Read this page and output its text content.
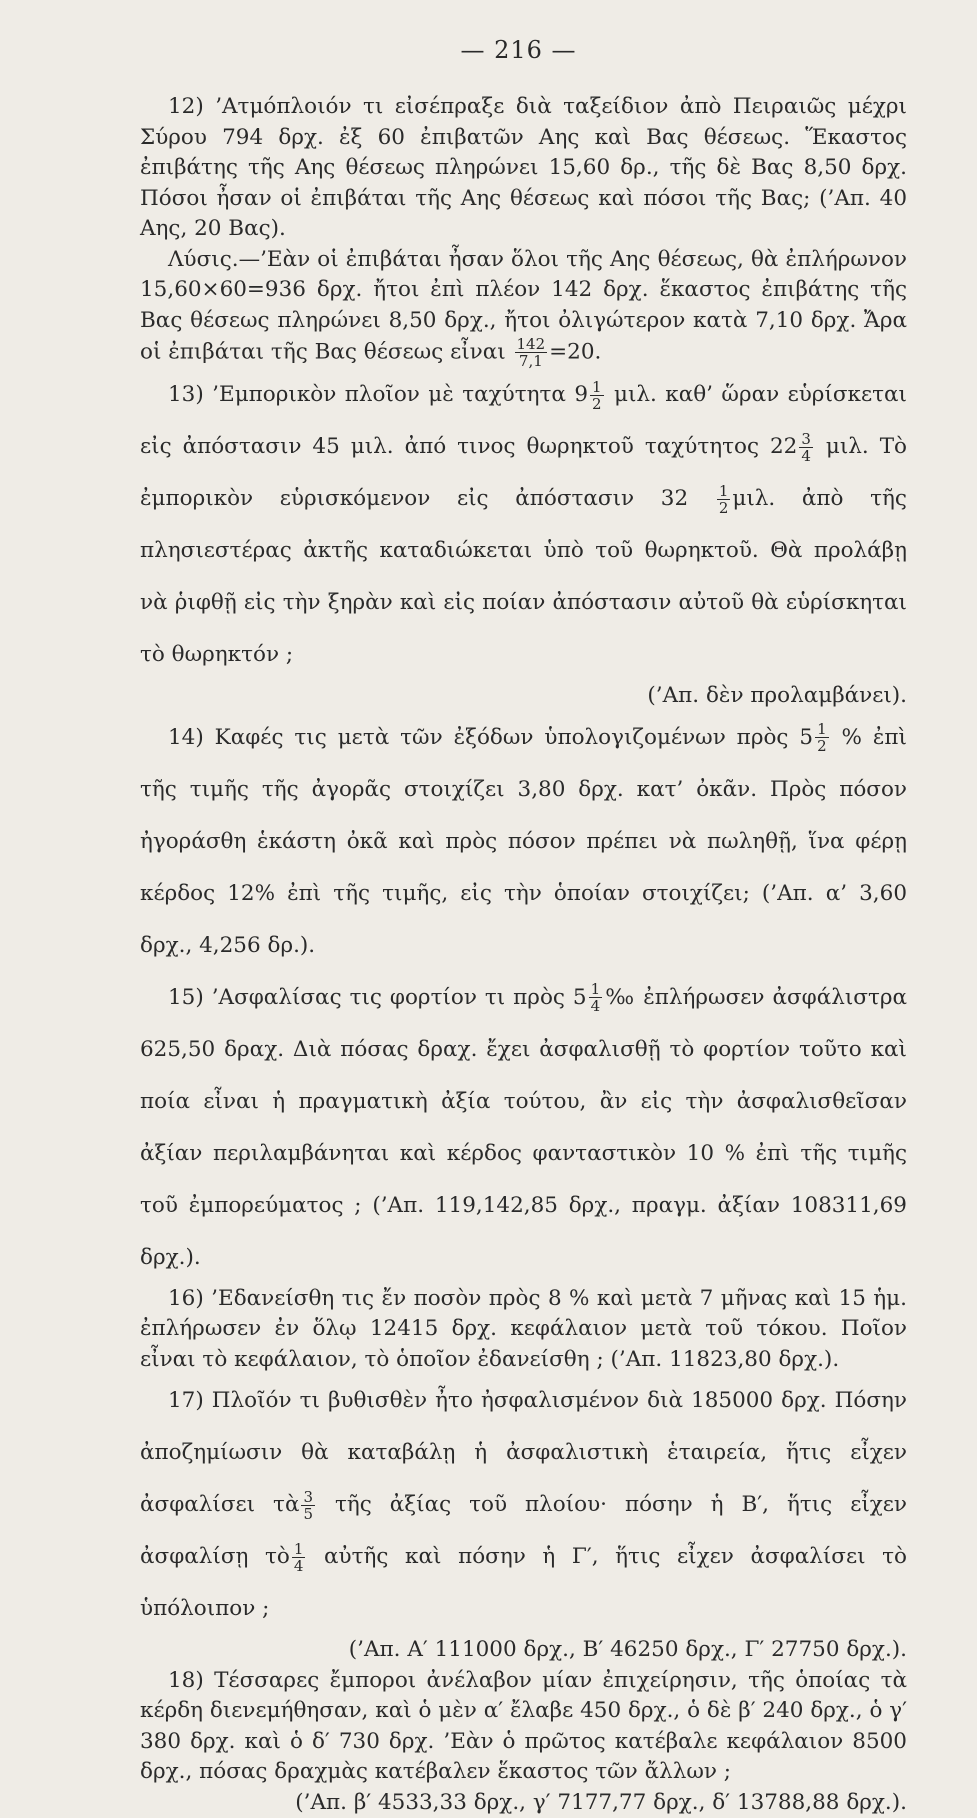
— 216 —

12) ’Ατμόπλοιόν τι εἰσέπραξε διὰ ταξείδιον ἀπὸ Πειραιῶς μέχρι Σύρου 794 δρχ. ἐξ 60 ἐπιβατῶν Αης καὶ Βας θέσεως. Ἕκαστος ἐπιβάτης τῆς Αης θέσεως πληρώνει 15,60 δρ., τῆς δὲ Βας 8,50 δρχ. Πόσοι ἦσαν οἱ ἐπιβάται τῆς Αης θέσεως καὶ πόσοι τῆς Βας; (’Απ. 40 Αης, 20 Βας).

Λύσις.—’Εὰν οἱ ἐπιβάται ἦσαν ὅλοι τῆς Αης θέσεως, θὰ ἐπλήρωνον 15,60×60=936 δρχ. ἤτοι ἐπὶ πλέον 142 δρχ. ἕκαστος ἐπιβάτης τῆς Βας θέσεως πληρώνει 8,50 δρχ., ἤτοι ὀλιγώτερον κατὰ 7,10 δρχ. Ἄρα οἱ ἐπιβάται τῆς Βας θέσεως εἶναι $\frac{142}{7,1} =20$.

13) ’Εμπορικὸν πλοῖον μὲ ταχύτητα $9 \frac{1}{2} \mu\iota\lambda$. καθ’ ὥραν εὑρίσκεται εἰς ἀπόστασιν 45 μιλ. ἀπό τινος θωρηκτοῦ ταχύτητος $22 \frac{3}{4} \mu\iota\lambda$. Τὸ ἐμπορικὸν εὑρισκόμενον εἰς ἀπόστασιν $32 \frac{1}{2} \mu\iota\lambda$. ἀπὸ τῆς πλησιεστέρας ἀκτῆς καταδιώκεται ὑπὸ τοῦ θωρηκτοῦ. Θὰ προλάβῃ νὰ ῥιφθῇ εἰς τὴν ξηρὰν καὶ εἰς ποίαν ἀπόστασιν αὐτοῦ θὰ εὑρίσκηται τὸ θωρηκτόν ;

(’Απ. δὲν προλαμβάνει).

14) Καφές τις μετὰ τῶν ἐξόδων ὑπολογιζομένων πρὸς $5 \frac{1}{2}$ % ἐπὶ τῆς τιμῆς τῆς ἀγορᾶς στοιχίζει 3,80 δρχ. κατ’ ὀκᾶν. Πρὸς πόσον ἠγοράσθη ἑκάστη ὀκᾶ καὶ πρὸς πόσον πρέπει νὰ πωληθῇ, ἵνα φέρῃ κέρδος 12% ἐπὶ τῆς τιμῆς, εἰς τὴν ὁποίαν στοιχίζει; (’Απ. α’ 3,60 δρχ., 4,256 δρ.).

15) ’Ασφαλίσας τις φορτίον τι πρὸς $5 \frac{1}{4}$ ‰ ἐπλήρωσεν ἀσφάλιστρα 625,50 δραχ. Διὰ πόσας δραχ. ἔχει ἀσφαλισθῇ τὸ φορτίον τοῦτο καὶ ποία εἶναι ἡ πραγματικὴ ἀξία τούτου, ἂν εἰς τὴν ἀσφαλισθεῖσαν ἀξίαν περιλαμβάνηται καὶ κέρδος φανταστικὸν 10 % ἐπὶ τῆς τιμῆς τοῦ ἐμπορεύματος ; (’Απ. 119,142,85 δρχ., πραγμ. ἀξίαν 108311,69 δρχ.).

16) ’Εδανείσθη τις ἔν ποσὸν πρὸς 8 % καὶ μετὰ 7 μῆνας καὶ 15 ἡμ. ἐπλήρωσεν ἐν ὅλῳ 12415 δρχ. κεφάλαιον μετὰ τοῦ τόκου. Ποῖον εἶναι τὸ κεφάλαιον, τὸ ὁποῖον ἐδανείσθη ; (’Απ. 11823,80 δρχ.).

17) Πλοῖόν τι βυθισθὲν ἦτο ἠσφαλισμένον διὰ 185000 δρχ. Πόσην ἀποζημίωσιν θὰ καταβάλῃ ἡ ἀσφαλιστικὴ ἑταιρεία, ἥτις εἶχεν ἀσφαλίσει τὰ $\frac{3}{5}$ τῆς ἀξίας τοῦ πλοίου· πόσην ἡ Β′, ἥτις εἶχεν ἀσφαλίσῃ τὸ $\frac{1}{4}$ αὐτῆς καὶ πόσην ἡ Γ′, ἥτις εἶχεν ἀσφαλίσει τὸ ὑπόλοιπον ;

(’Απ. Α′ 111000 δρχ., Β′ 46250 δρχ., Γ′ 27750 δρχ.).

18) Τέσσαρες ἔμποροι ἀνέλαβον μίαν ἐπιχείρησιν, τῆς ὁποίας τὰ κέρδη διενεμήθησαν, καὶ ὁ μὲν α′ ἔλαβε 450 δρχ., ὁ δὲ β′ 240 δρχ., ὁ γ′ 380 δρχ. καὶ ὁ δ′ 730 δρχ. ’Εὰν ὁ πρῶτος κατέβαλε κεφάλαιον 8500 δρχ., πόσας δραχμὰς κατέβαλεν ἕκαστος τῶν ἄλλων ;

(’Απ. β′ 4533,33 δρχ., γ′ 7177,77 δρχ., δ′ 13788,88 δρχ.).
